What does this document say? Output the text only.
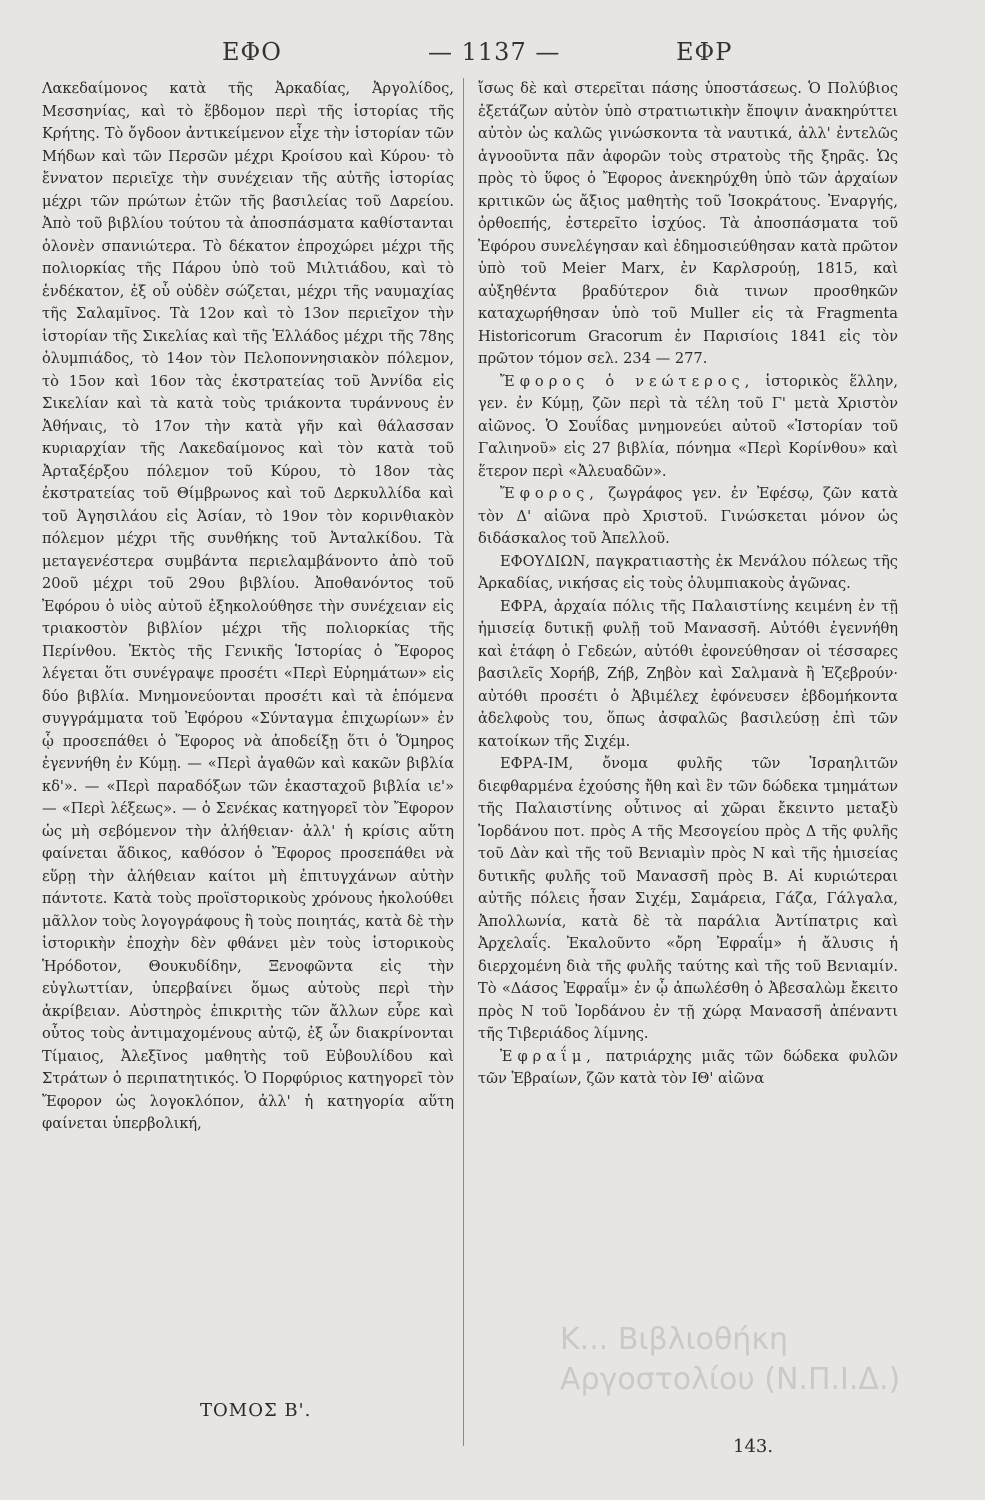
ΕΦΟ	— 1137 —	ΕΦΡ

Λακεδαίμονος κατὰ τῆς Ἀρκαδίας, Ἀργολίδος, Μεσσηνίας, καὶ τὸ ἕβδομον περὶ τῆς ἱστορίας τῆς Κρήτης. Τὸ ὄγδοον ἀντικείμενον εἶχε τὴν ἱστορίαν τῶν Μήδων καὶ τῶν Περσῶν μέχρι Κροίσου καὶ Κύρου· τὸ ἔννατον περιεῖχε τὴν συνέχειαν τῆς αὐτῆς ἱστορίας μέχρι τῶν πρώτων ἐτῶν τῆς βασιλείας τοῦ Δαρείου. Ἀπὸ τοῦ βιβλίου τούτου τὰ ἀποσπάσματα καθίστανται ὁλονὲν σπανιώτερα. Τὸ δέκατον ἐπροχώρει μέχρι τῆς πολιορκίας τῆς Πάρου ὑπὸ τοῦ Μιλτιάδου, καὶ τὸ ἑνδέκατον, ἐξ οὗ οὐδὲν σώζεται, μέχρι τῆς ναυμαχίας τῆς Σαλαμῖνος. Τὰ 12ον καὶ τὸ 13ον περιεῖχον τὴν ἱστορίαν τῆς Σικελίας καὶ τῆς Ἑλλάδος μέχρι τῆς 78ης ὀλυμπιάδος, τὸ 14ον τὸν Πελοποννησιακὸν πόλεμον, τὸ 15ον καὶ 16ον τὰς ἐκστρατείας τοῦ Ἀννίδα εἰς Σικελίαν καὶ τὰ κατὰ τοὺς τριάκοντα τυράννους ἐν Ἀθήναις, τὸ 17ον τὴν κατὰ γῆν καὶ θάλασσαν κυριαρχίαν τῆς Λακεδαίμονος καὶ τὸν κατὰ τοῦ Ἀρταξέρξου πόλεμον τοῦ Κύρου, τὸ 18ον τὰς ἐκστρατείας τοῦ Θίμβρωνος καὶ τοῦ Δερκυλλίδα καὶ τοῦ Ἀγησιλάου εἰς Ἀσίαν, τὸ 19ον τὸν κορινθιακὸν πόλεμον μέχρι τῆς συνθήκης τοῦ Ἀνταλκίδου. Τὰ μεταγενέστερα συμβάντα περιελαμβάνοντο ἀπὸ τοῦ 20οῦ μέχρι τοῦ 29ου βιβλίου. Ἀποθανόντος τοῦ Ἐφόρου ὁ υἱὸς αὐτοῦ ἐξηκολούθησε τὴν συνέχειαν εἰς τριακοστὸν βιβλίον μέχρι τῆς πολιορκίας τῆς Περίνθου. Ἐκτὸς τῆς Γενικῆς Ἱστορίας ὁ Ἔφορος λέγεται ὅτι συνέγραψε προσέτι «Περὶ Εὑρημάτων» εἰς δύο βιβλία. Μνημονεύονται προσέτι καὶ τὰ ἑπόμενα συγγράμματα τοῦ Ἐφόρου «Σύνταγμα ἐπιχωρίων» ἐν ᾧ προσεπάθει ὁ Ἔφορος νὰ ἀποδείξῃ ὅτι ὁ Ὅμηρος ἐγεννήθη ἐν Κύμῃ. — «Περὶ ἀγαθῶν καὶ κακῶν βιβλία κδ'». — «Περὶ παραδόξων τῶν ἑκασταχοῦ βιβλία ιε'» — «Περὶ λέξεως». — ὁ Σενέκας κατηγορεῖ τὸν Ἔφορον ὡς μὴ σεβόμενον τὴν ἀλήθειαν· ἀλλ' ἡ κρίσις αὕτη φαίνεται ἄδικος, καθόσον ὁ Ἔφορος προσεπάθει νὰ εὕρῃ τὴν ἀλήθειαν καίτοι μὴ ἐπιτυγχάνων αὐτὴν πάντοτε. Κατὰ τοὺς προϊστορικοὺς χρόνους ἠκολούθει μᾶλλον τοὺς λογογράφους ἢ τοὺς ποιητάς, κατὰ δὲ τὴν ἱστορικὴν ἐποχὴν δὲν φθάνει μὲν τοὺς ἱστορικοὺς Ἡρόδοτον, Θουκυδίδην, Ξενοφῶντα εἰς τὴν εὐγλωττίαν, ὑπερβαίνει ὅμως αὐτοὺς περὶ τὴν ἀκρίβειαν. Αὐστηρὸς ἐπικριτὴς τῶν ἄλλων εὗρε καὶ οὗτος τοὺς ἀντιμαχομένους αὐτῷ, ἐξ ὧν διακρίνονται Τίμαιος, Ἀλεξῖνος μαθητὴς τοῦ Εὐβουλίδου καὶ Στράτων ὁ περιπατητικός. Ὁ Πορφύριος κατηγορεῖ τὸν Ἔφορον ὡς λογοκλόπον, ἀλλ' ἡ κατηγορία αὕτη φαίνεται ὑπερβολική,

ἴσως δὲ καὶ στερεῖται πάσης ὑποστάσεως. Ὁ Πολύβιος ἐξετάζων αὐτὸν ὑπὸ στρατιωτικὴν ἔποψιν ἀνακηρύττει αὐτὸν ὡς καλῶς γινώσκοντα τὰ ναυτικά, ἀλλ' ἐντελῶς ἀγνοοῦντα πᾶν ἀφορῶν τοὺς στρατοὺς τῆς ξηρᾶς. Ὡς πρὸς τὸ ὕφος ὁ Ἔφορος ἀνεκηρύχθη ὑπὸ τῶν ἀρχαίων κριτικῶν ὡς ἄξιος μαθητὴς τοῦ Ἰσοκράτους. Ἐναργής, ὀρθοεπής, ἐστερεῖτο ἰσχύος. Τὰ ἀποσπάσματα τοῦ Ἐφόρου συνελέγησαν καὶ ἐδημοσιεύθησαν κατὰ πρῶτον ὑπὸ τοῦ Meier Marx, ἐν Καρλσρούῃ, 1815, καὶ αὐξηθέντα βραδύτερον διὰ τινων προσθηκῶν καταχωρήθησαν ὑπὸ τοῦ Muller εἰς τὰ Fragmenta Historicorum Gracorum ἐν Παρισίοις 1841 εἰς τὸν πρῶτον τόμον σελ. 234 — 277.

Ἔφορος ὁ νεώτερος, ἱστορικὸς ἕλλην, γεν. ἐν Κύμῃ, ζῶν περὶ τὰ τέλη τοῦ Γ' μετὰ Χριστὸν αἰῶνος. Ὁ Σουΐδας μνημονεύει αὐτοῦ «Ἱστορίαν τοῦ Γαλιηνοῦ» εἰς 27 βιβλία, πόνημα «Περὶ Κορίνθου» καὶ ἕτερον περὶ «Ἀλευαδῶν».

Ἔφορος, ζωγράφος γεν. ἐν Ἐφέσῳ, ζῶν κατὰ τὸν Δ' αἰῶνα πρὸ Χριστοῦ. Γινώσκεται μόνον ὡς διδάσκαλος τοῦ Ἀπελλοῦ.

ΕΦΟΥΔΙΩΝ, παγκρατιαστὴς ἐκ Μενάλου πόλεως τῆς Ἀρκαδίας, νικήσας εἰς τοὺς ὀλυμπιακοὺς ἀγῶνας.

ΕΦΡΑ, ἀρχαία πόλις τῆς Παλαιστίνης κειμένη ἐν τῇ ἡμισείᾳ δυτικῇ φυλῇ τοῦ Μανασσῆ. Αὐτόθι ἐγεννήθη καὶ ἐτάφη ὁ Γεδεών, αὐτόθι ἐφονεύθησαν οἱ τέσσαρες βασιλεῖς Χορήβ, Ζήβ, Ζηβὸν καὶ Σαλμανὰ ἢ Ἐζεβρούν· αὐτόθι προσέτι ὁ Ἀβιμέλεχ ἐφόνευσεν ἑβδομήκοντα ἀδελφοὺς του, ὅπως ἀσφαλῶς βασιλεύσῃ ἐπὶ τῶν κατοίκων τῆς Σιχέμ.

ΕΦΡΑ-ΙΜ, ὄνομα φυλῆς τῶν Ἰσραηλιτῶν διεφθαρμένα ἐχούσης ἤθη καὶ ἓν τῶν δώδεκα τμημάτων τῆς Παλαιστίνης οὗτινος αἱ χῶραι ἔκειντο μεταξὺ Ἰορδάνου ποτ. πρὸς Α τῆς Μεσογείου πρὸς Δ τῆς φυλῆς τοῦ Δὰν καὶ τῆς τοῦ Βενιαμὶν πρὸς Ν καὶ τῆς ἡμισείας δυτικῆς φυλῆς τοῦ Μανασσῆ πρὸς Β. Αἱ κυριώτεραι αὐτῆς πόλεις ἦσαν Σιχέμ, Σαμάρεια, Γάζα, Γάλγαλα, Ἀπολλωνία, κατὰ δὲ τὰ παράλια Ἀντίπατρις καὶ Ἀρχελαΐς. Ἐκαλοῦντο «ὄρη Ἐφραΐμ» ἡ ἄλυσις ἡ διερχομένη διὰ τῆς φυλῆς ταύτης καὶ τῆς τοῦ Βενιαμίν. Τὸ «Δάσος Ἐφραΐμ» ἐν ᾧ ἀπωλέσθη ὁ Ἀβεσαλὼμ ἔκειτο πρὸς Ν τοῦ Ἰορδάνου ἐν τῇ χώρᾳ Μανασσῆ ἀπέναντι τῆς Τιβεριάδος λίμνης.

Ἐφραΐμ, πατριάρχης μιᾶς τῶν δώδεκα φυλῶν τῶν Ἑβραίων, ζῶν κατὰ τὸν ΙΘ' αἰῶνα

ΤΟΜΟΣ Β'.
143.
Κ... Βιβλιοθήκη
Αργοστολίου (Ν.Π.Ι.Δ.)
